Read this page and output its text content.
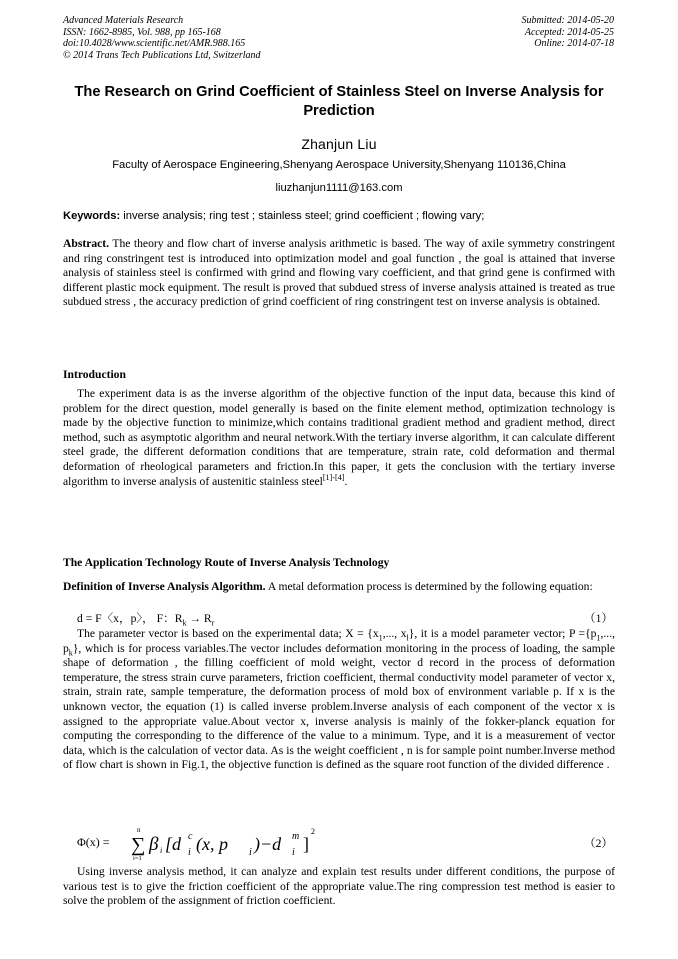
Advanced Materials Research
ISSN: 1662-8985, Vol. 988, pp 165-168
doi:10.4028/www.scientific.net/AMR.988.165
© 2014 Trans Tech Publications Ltd, Switzerland
Submitted: 2014-05-20
Accepted: 2014-05-25
Online: 2014-07-18
The Research on Grind Coefficient of Stainless Steel on Inverse Analysis for Prediction
Zhanjun Liu
Faculty of Aerospace Engineering,Shenyang Aerospace University,Shenyang 110136,China
liuzhanjun1111@163.com
Keywords: inverse analysis; ring test ; stainless steel; grind coefficient ; flowing vary;
Abstract. The theory and flow chart of inverse analysis arithmetic is based. The way of axile symmetry constringent and ring constringent test is introduced into optimization model and goal function , the goal is attained that inverse analysis of stainless steel is confirmed with grind and flowing vary coefficient, and that grind gene is confirmed with different plastic mock equipment. The result is proved that subdued stress of inverse analysis attained is treated as true subdued stress , the accuracy prediction of grind coefficient of ring constringent test on inverse analysis is obtained.
Introduction
The experiment data is as the inverse algorithm of the objective function of the input data, because this kind of problem for the direct question, model generally is based on the finite element method, optimization technology is made by the objective function to minimize,which contains traditional gradient method and gradient method, direct method, such as asymptotic algorithm and neural network.With the tertiary inverse algorithm, it can calculate different steel grade, the different deformation conditions that are temperature, strain rate, cold deformation and thermal deformation of rheological parameters and friction.In this paper, it gets the conclusion with the tertiary inverse algorithm to inverse analysis of austenitic stainless steel[1]-[4].
The Application Technology Route of Inverse Analysis Technology
Definition of Inverse Analysis Algorithm. A metal deformation process is determined by the following equation:
d = F〈x，p〉， F：$R_k \to R_r$	（1）
The parameter vector is based on the experimental data; $X = \{x_1$,..., $x_l$}, it is a model parameter vector; $P =\{p_1$,..., $p_k$}, which is for process variables.The vector includes deformation monitoring in the process of loading, the sample shape of deformation , the filling coefficient of mold weight, vector d record in the process of deformation temperature, the stress strain curve parameters, friction coefficient, thermal conductivity model parameter of vector x, strain, strain rate, sample temperature, the deformation process of mold box of environment variable p. If x is the unknown vector, the equation (1) is called inverse problem.Inverse analysis of each component of the vector x is assigned to the appropriate value.About vector x, inverse analysis is mainly of the fokker-planck equation for computing the corresponding to the difference of the value to a minimum. Type, and it is a measurement of vector data, which is the calculation of vector data. As is the weight coefficient , n is for sample point number.Inverse method of flow chart is shown in Fig.1, the objective function is defined as the square root function of the divided difference .
Φ(x) =
n
∑
i=1
β i [d c
i (x, p i )−d m
i ]
2
（2）
Using inverse analysis method, it can analyze and explain test results under different conditions, the purpose of various test is to give the friction coefficient of the appropriate value.The ring compression test method is easier to solve the problem of the assignment of friction coefficient.
